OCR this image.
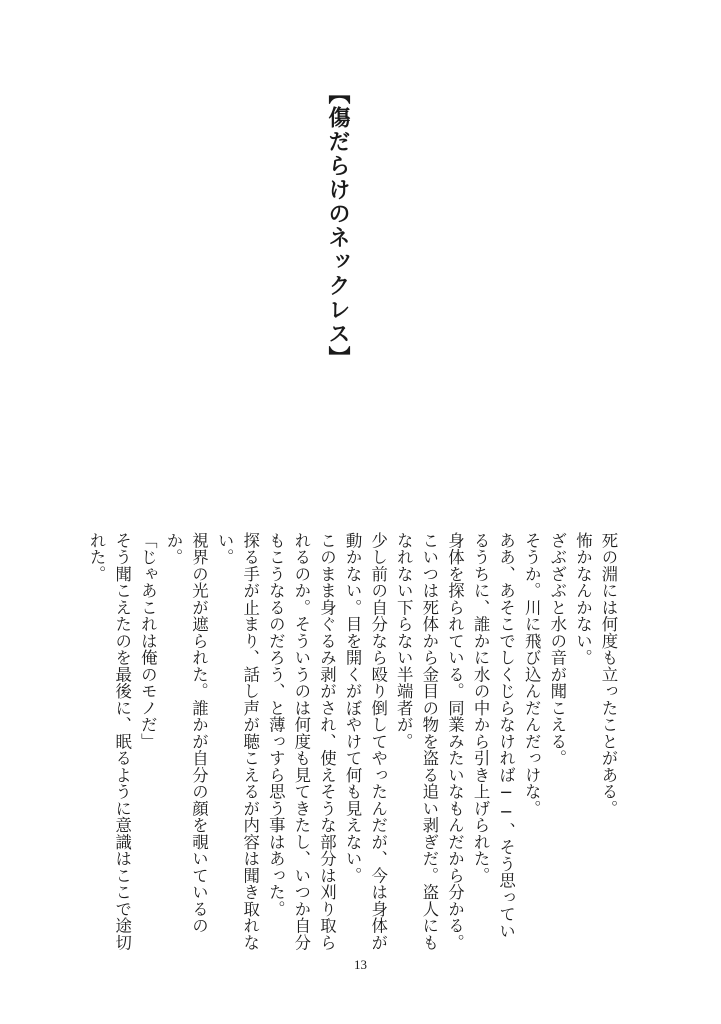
【傷だらけのネックレス】

死の淵には何度も立ったことがある。

怖かなんかない。

ざぶざぶと水の音が聞こえる。

そうか。川に飛び込んだんだっけな。

ああ、あそこでしくじらなければ──、そう思っているうちに、誰かに水の中から引き上げられた。

身体を探られている。同業みたいなもんだから分かる。こいつは死体から金目の物を盗る追い剥ぎだ。盗人にもなれない下らない半端者が。

少し前の自分なら殴り倒してやったんだが、今は身体が動かない。目を開くがぼやけて何も見えない。

このまま身ぐるみ剥がされ、使えそうな部分は刈り取られるのか。そういうのは何度も見てきたし、いつか自分もこうなるのだろう、と薄っすら思う事はあった。

探る手が止まり、話し声が聴こえるが内容は聞き取れない。

視界の光が遮られた。誰かが自分の顔を覗いているのか。

「じゃあこれは俺のモノだ」

そう聞こえたのを最後に、眠るように意識はここで途切れた。

13
